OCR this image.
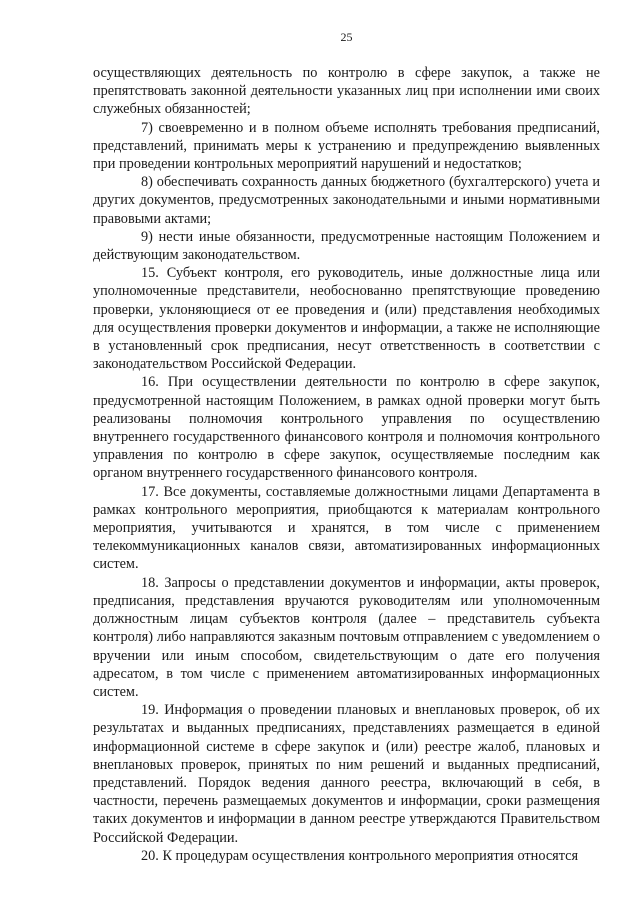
25

осуществляющих деятельность по контролю в сфере закупок, а также не препятствовать законной деятельности указанных лиц при исполнении ими своих служебных обязанностей;

7) своевременно и в полном объеме исполнять требования предписаний, представлений, принимать меры к устранению и предупреждению выявленных при проведении контрольных мероприятий нарушений и недостатков;

8) обеспечивать сохранность данных бюджетного (бухгалтерского) учета и других документов, предусмотренных законодательными и иными нормативными правовыми актами;

9) нести иные обязанности, предусмотренные настоящим Положением и действующим законодательством.

15. Субъект контроля, его руководитель, иные должностные лица или уполномоченные представители, необоснованно препятствующие проведению проверки, уклоняющиеся от ее проведения и (или) представления необходимых для осуществления проверки документов и информации, а также не исполняющие в установленный срок предписания, несут ответственность в соответствии с законодательством Российской Федерации.

16. При осуществлении деятельности по контролю в сфере закупок, предусмотренной настоящим Положением, в рамках одной проверки могут быть реализованы полномочия контрольного управления по осуществлению внутреннего государственного финансового контроля и полномочия контрольного управления по контролю в сфере закупок, осуществляемые последним как органом внутреннего государственного финансового контроля.

17. Все документы, составляемые должностными лицами Департамента в рамках контрольного мероприятия, приобщаются к материалам контрольного мероприятия, учитываются и хранятся, в том числе с применением телекоммуникационных каналов связи, автоматизированных информационных систем.

18. Запросы о представлении документов и информации, акты проверок, предписания, представления вручаются руководителям или уполномоченным должностным лицам субъектов контроля (далее – представитель субъекта контроля) либо направляются заказным почтовым отправлением с уведомлением о вручении или иным способом, свидетельствующим о дате его получения адресатом, в том числе с применением автоматизированных информационных систем.

19. Информация о проведении плановых и внеплановых проверок, об их результатах и выданных предписаниях, представлениях размещается в единой информационной системе в сфере закупок и (или) реестре жалоб, плановых и внеплановых проверок, принятых по ним решений и выданных предписаний, представлений. Порядок ведения данного реестра, включающий в себя, в частности, перечень размещаемых документов и информации, сроки размещения таких документов и информации в данном реестре утверждаются Правительством Российской Федерации.

20. К процедурам осуществления контрольного мероприятия относятся
